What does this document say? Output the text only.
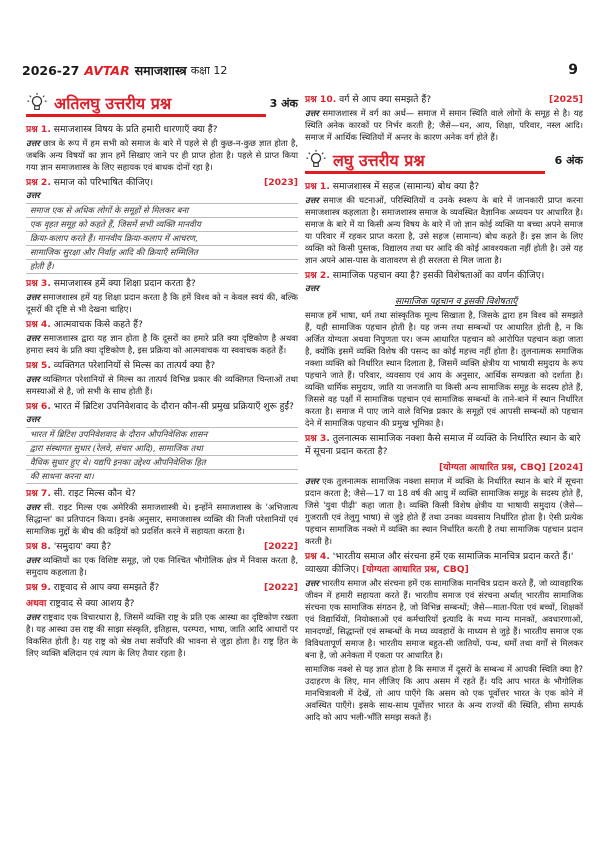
2026-27 AVTAR समाजशास्त्र कक्षा 12	9
अतिलघु उत्तरीय प्रश्न	3 अंक
प्रश्न 1. समाजशास्त्र विषय के प्रति हमारी धारणाएँ क्या हैं?
उत्तर छात्र के रूप में हम सभी को समाज के बारे में पहले से ही कुछ-न-कुछ ज्ञात होता है, जबकि अन्य विषयों का ज्ञान हमें सिखाए जाने पर ही प्राप्त होता है। पहले से प्राप्त किया गया ज्ञान समाजशास्त्र के लिए सहायक एवं बाधक दोनों रहा है।
प्रश्न 2. समाज को परिभाषित कीजिए।	[2023]
उत्तर
समाज एक से अधिक लोगों के समूहों से मिलकर बना
एक वृहत समूह को कहते हैं, जिसमें सभी व्यक्ति मानवीय
क्रिया-कलाप करते हैं। मानवीय क्रिया-कलाप में आचरण,
सामाजिक सुरक्षा और निर्वाह आदि की क्रियाएँ सम्मिलित
होती हैं।
प्रश्न 3. समाजशास्त्र हमें क्या शिक्षा प्रदान करता है?
उत्तर समाजशास्त्र हमें यह शिक्षा प्रदान करता है कि हमें विश्व को न केवल स्वयं की, बल्कि दूसरों की दृष्टि से भी देखना चाहिए।
प्रश्न 4. आत्मवाचक किसे कहते हैं?
उत्तर समाजशास्त्र द्वारा यह ज्ञान होता है कि दूसरों का हमारे प्रति क्या दृष्टिकोण है अथवा हमारा स्वयं के प्रति क्या दृष्टिकोण है, इस प्रक्रिया को आत्मवाचक या स्ववाचक कहते हैं।
प्रश्न 5. व्यक्तिगत परेशानियों से मिल्स का तात्पर्य क्या है?
उत्तर व्यक्तिगत परेशानियों से मिल्स का तात्पर्य विभिन्न प्रकार की व्यक्तिगत चिन्ताओं तथा समस्याओं से है, जो सभी के साथ होती हैं।
प्रश्न 6. भारत में ब्रिटिश उपनिवेशवाद के दौरान कौन-सी प्रमुख प्रक्रियाएँ शुरू हुईं?
उत्तर
भारत में ब्रिटिश उपनिवेशवाद के दौरान औपनिवेशिक शासन
द्वारा संस्थागत सुधार (रेलवे, संचार आदि), सामाजिक तथा
वैधिक सुधार हुए थे। यद्यपि इनका उद्देश्य औपनिवेशिक हित
की साधना करना था।
प्रश्न 7. सी. राइट मिल्स कौन थे?
उत्तर सी. राइट मिल्स एक अमेरिकी समाजशास्त्री थे। इन्होंने समाजशास्त्र के 'अभिजात्य सिद्धान्त' का प्रतिपादन किया। इनके अनुसार, समाजशास्त्र व्यक्ति की निजी परेशानियों एवं सामाजिक मुद्दों के बीच की कड़ियों को प्रदर्शित करने में सहायता करता है।
प्रश्न 8. 'समुदाय' क्या है?	[2022]
उत्तर व्यक्तियों का एक विशिष्ट समूह, जो एक निश्चित भौगोलिक क्षेत्र में निवास करता है, समुदाय कहलाता है।
प्रश्न 9. राष्ट्रवाद से आप क्या समझते हैं?	[2022]
अथवा राष्ट्रवाद से क्या आशय है?
उत्तर राष्ट्रवाद एक विचारधारा है, जिसमें व्यक्ति राष्ट्र के प्रति एक आस्था का दृष्टिकोण रखता है। यह आस्था उस राष्ट्र की साझा संस्कृति, इतिहास, परम्परा, भाषा, जाति आदि आधारों पर विकसित होती है। यह राष्ट्र को श्रेष्ठ तथा सर्वोपरि की भावना से जुड़ा होता है। राष्ट्र हित के लिए व्यक्ति बलिदान एवं त्याग के लिए तैयार रहता है।
प्रश्न 10. वर्ग से आप क्या समझते हैं?	[2025]
उत्तर समाजशास्त्र में वर्ग का अर्थ— समाज में समान स्थिति वाले लोगों के समूह से है। यह स्थिति अनेक कारकों पर निर्भर करती है; जैसे—धन, आय, शिक्षा, परिवार, नस्ल आदि। समाज में आर्थिक स्थितियों में अन्तर के कारण अनेक वर्ग होते हैं।
लघु उत्तरीय प्रश्न	6 अंक
प्रश्न 1. समाजशास्त्र में सहज (सामान्य) बोध क्या है?
उत्तर समाज की घटनाओं, परिस्थितियों व उनके स्वरूप के बारे में जानकारी प्राप्त करना समाजशास्त्र कहलाता है। समाजशास्त्र समाज के व्यवस्थित वैज्ञानिक अध्ययन पर आधारित है। समाज के बारे में या किसी अन्य विषय के बारे में जो ज्ञान कोई व्यक्ति या बच्चा अपने समाज या परिवार में रहकर प्राप्त करता है, उसे सहज (सामान्य) बोध कहते हैं। इस ज्ञान के लिए व्यक्ति को किसी पुस्तक, विद्यालय तथा घर आदि की कोई आवश्यकता नहीं होती है। उसे यह ज्ञान अपने आस-पास के वातावरण से ही सरलता से मिल जाता है।
प्रश्न 2. सामाजिक पहचान क्या है? इसकी विशेषताओं का वर्णन कीजिए।
उत्तर
सामाजिक पहचान व इसकी विशेषताएँ
समाज हमें भाषा, धर्म तथा सांस्कृतिक मूल्य सिखाता है, जिसके द्वारा हम विश्व को समझते हैं, यही सामाजिक पहचान होती है। यह जन्म तथा सम्बन्धों पर आधारित होती है, न कि अर्जित योग्यता अथवा निपुणता पर। जन्म आधारित पहचान को आरोपित पहचान कहा जाता है, क्योंकि इसमें व्यक्ति विशेष की पसन्द का कोई महत्त्व नहीं होता है। तुलनात्मक समाजिक नक्शा व्यक्ति को निर्धारित स्थान दिलाता है, जिसमें व्यक्ति क्षेत्रीय या भाषायी समुदाय के रूप पहचाने जाते हैं। परिवार, व्यवसाय एवं आय के अनुसार, आर्थिक सम्पन्नता को दर्शाता है। व्यक्ति धार्मिक समुदाय, जाति या जनजाति या किसी अन्य सामाजिक समूह के सदस्य होते हैं, जिससे वह पक्षों में सामाजिक पहचान एवं सामाजिक सम्बन्धों के ताने-बाने में स्थान निर्धारित करता है। समाज में पाए जाने वाले विभिन्न प्रकार के समूहों एवं आपसी सम्बन्धों को पहचान देने में सामाजिक पहचान की प्रमुख भूमिका है।
प्रश्न 3. तुलनात्मक सामाजिक नक्शा कैसे समाज में व्यक्ति के निर्धारित स्थान के बारे में सूचना प्रदान करता है?
[योग्यता आधारित प्रश्न, CBQ] [2024]
उत्तर एक तुलनात्मक सामाजिक नक्शा समाज में व्यक्ति के निर्धारित स्थान के बारे में सूचना प्रदान करता है; जैसे—17 या 18 वर्ष की आयु में व्यक्ति सामाजिक समूह के सदस्य होते हैं, जिसे 'युवा पीढ़ी' कहा जाता है। व्यक्ति किसी विशेष क्षेत्रीय या भाषायी समुदाय (जैसे—गुजराती एवं तेलुगु भाषा) से जुड़े होते हैं तथा उनका व्यवसाय निर्धारित होता है। ऐसी प्रत्येक पहचान सामाजिक नक्शे में व्यक्ति का स्थान निर्धारित करती है तथा सामाजिक पहचान प्रदान करती है।
प्रश्न 4. 'भारतीय समाज और संरचना हमें एक सामाजिक मानचित्र प्रदान करते हैं।' व्याख्या कीजिए। [योग्यता आधारित प्रश्न, CBQ]
उत्तर भारतीय समाज और संरचना हमें एक सामाजिक मानचित्र प्रदान करते हैं, जो व्यावहारिक जीवन में हमारी सहायता करते हैं। भारतीय समाज एवं संरचना अर्थात् भारतीय सामाजिक संरचना एक सामाजिक संगठन है, जो विभिन्न सम्बन्धों; जैसे—माता-पिता एवं बच्चों, शिक्षकों एवं विद्यार्थियों, नियोक्ताओं एवं कर्मचारियों इत्यादि के मध्य मान्य मानकों, अवधारणाओं, मानदण्डों, सिद्धान्तों एवं सम्बन्धों के मध्य व्यवहारों के माध्यम से जुड़े हैं। भारतीय समाज एक विविधतापूर्ण समाज है। भारतीय समाज बहुत-सी जातियों, पन्थ, धर्मों तथा वर्गों से मिलकर बना है, जो अनेकता में एकता पर आधारित है।
सामाजिक नक्शे से यह ज्ञात होता है कि समाज में दूसरों के सम्बन्ध में आपकी स्थिति क्या है? उदाहरण के लिए, मान लीजिए कि आप असम में रहते हैं। यदि आप भारत के भौगोलिक मानचित्रावली में देखें, तो आप पाएँगे कि असम को एक पूर्वोत्तर भारत के एक कोने में अवस्थित पाएँगे। इसके साथ-साथ पूर्वोत्तर भारत के अन्य राज्यों की स्थिति, सीमा सम्पर्क आदि को आप भली-भाँति समझ सकते हैं।
